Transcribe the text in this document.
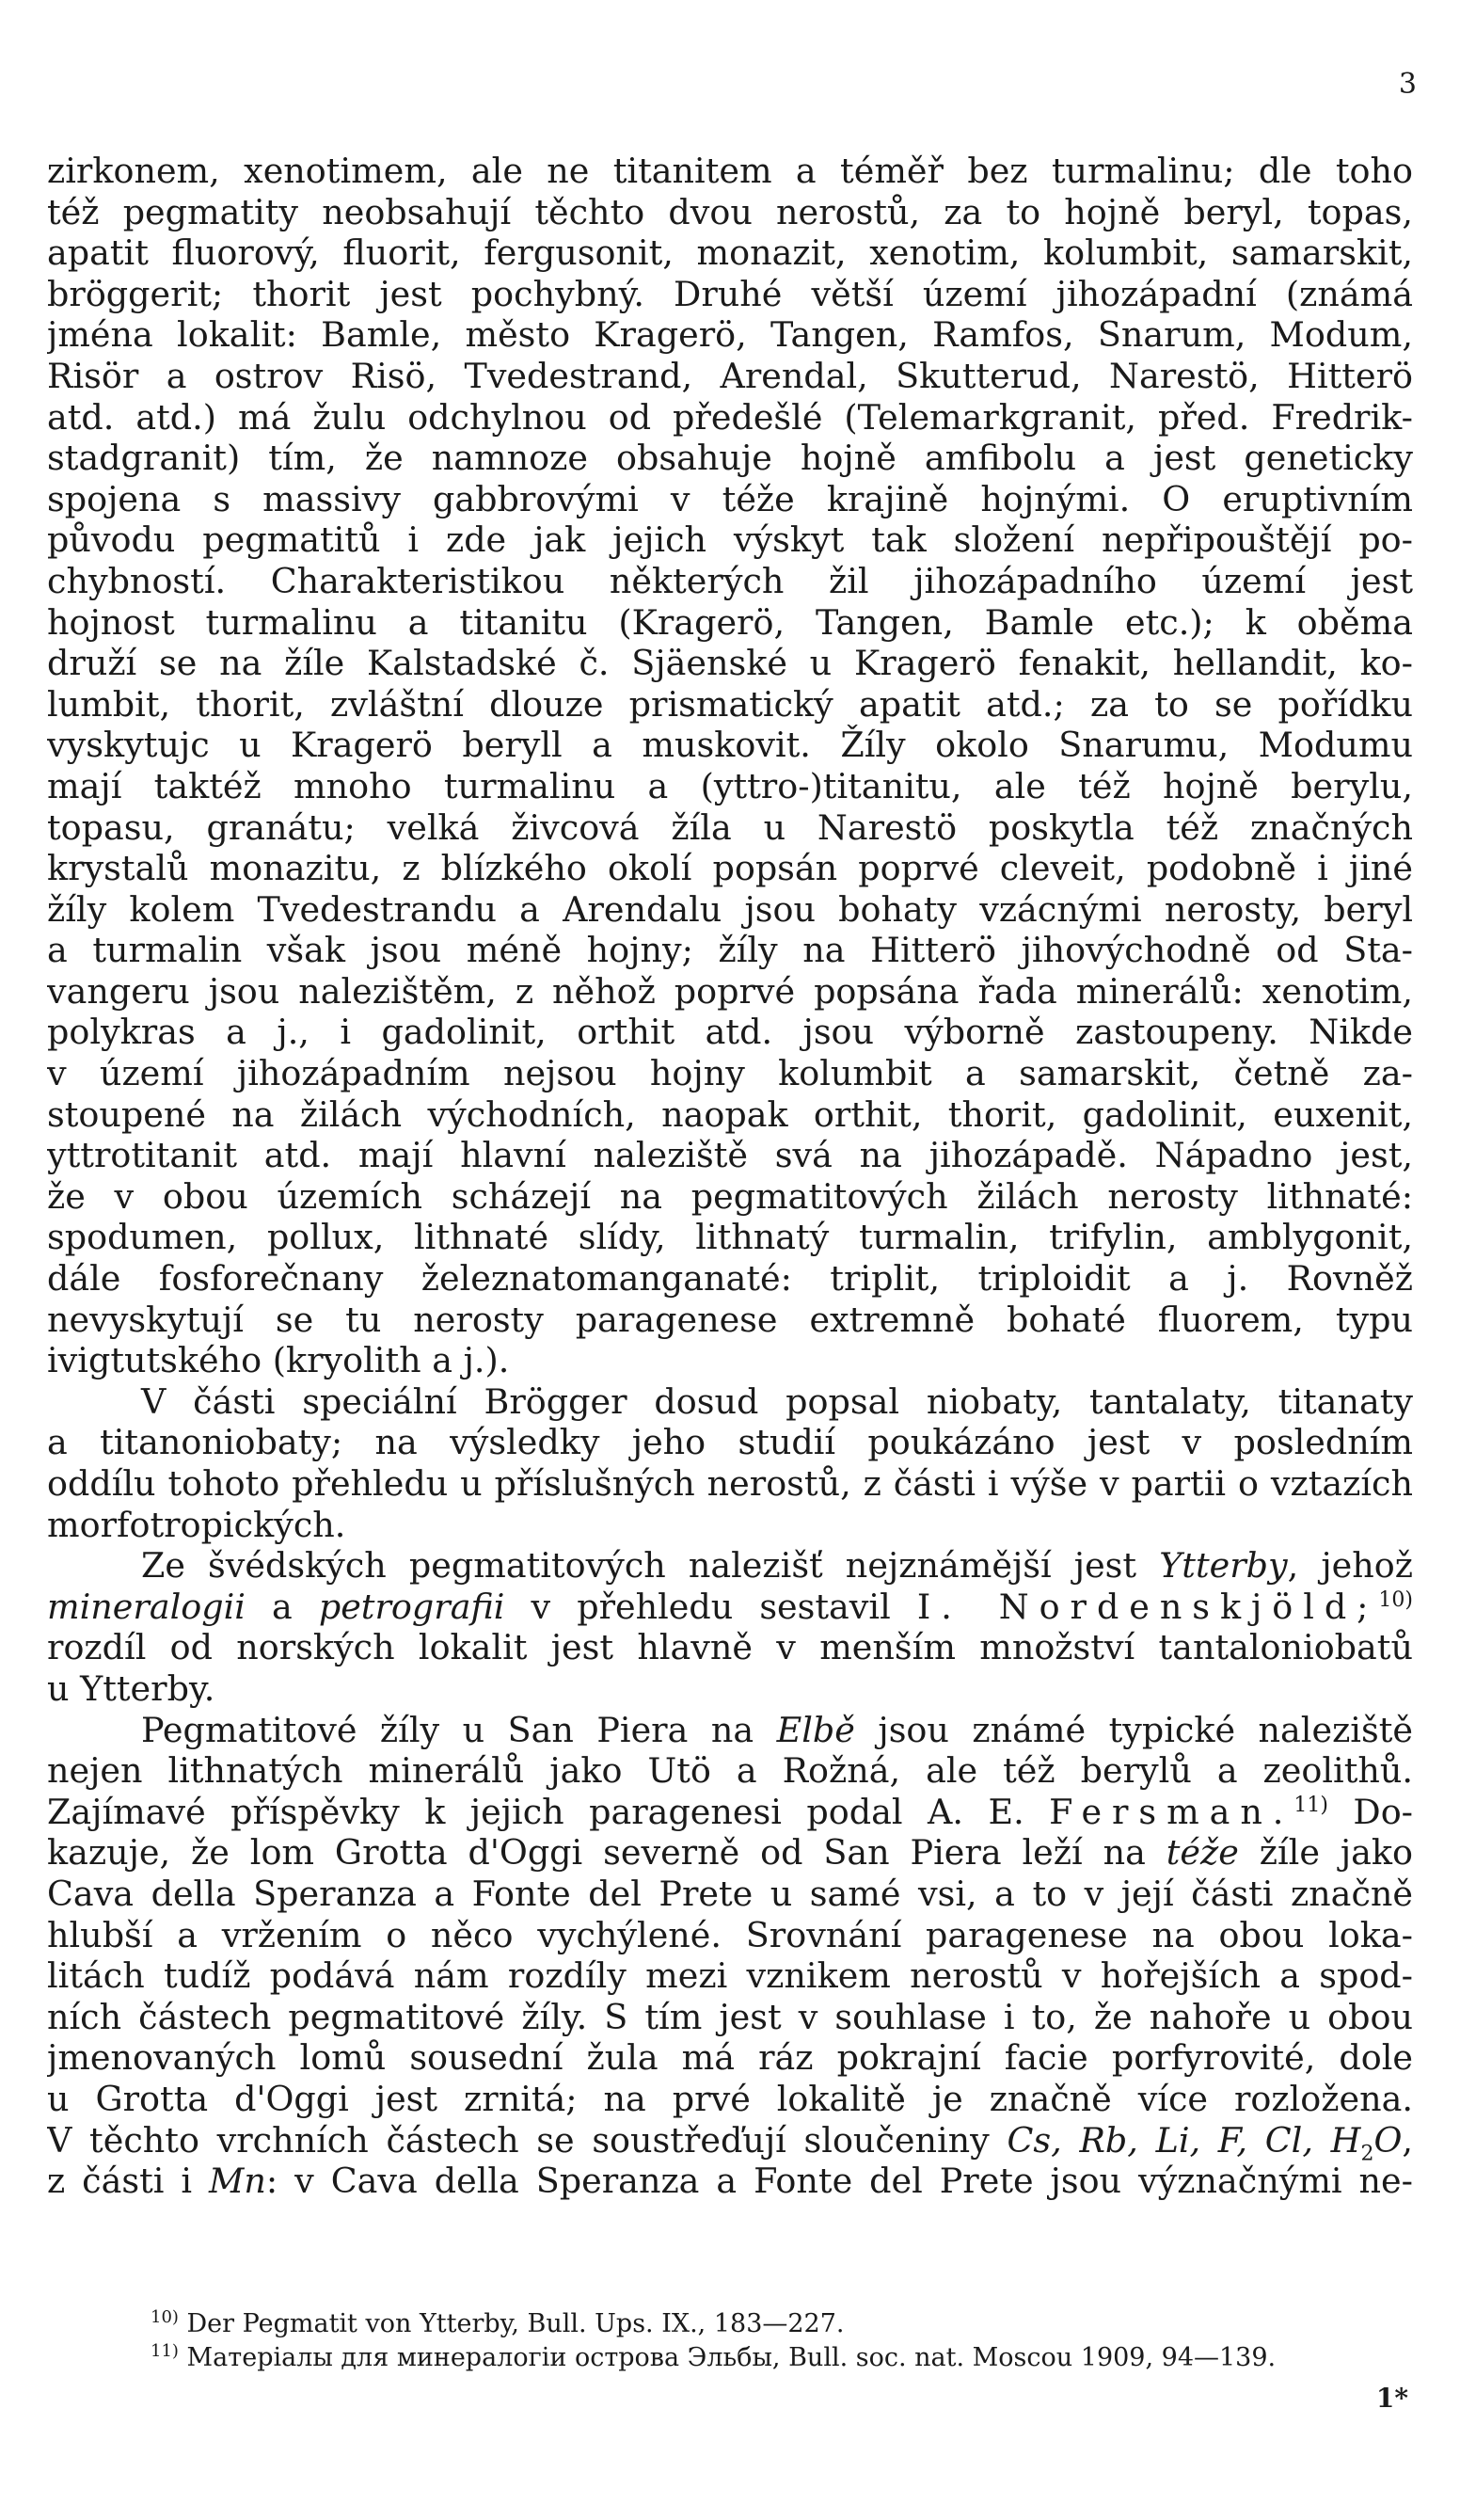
3
zirkonem, xenotimem, ale ne titanitem a téměř bez turmalinu; dle toho
též pegmatity neobsahují těchto dvou nerostů, za to hojně beryl, topas,
apatit fluorový, fluorit, fergusonit, monazit, xenotim, kolumbit, samarskit,
bröggerit; thorit jest pochybný. Druhé větší území jihozápadní (známá
jména lokalit: Bamle, město Kragerö, Tangen, Ramfos, Snarum, Modum,
Risör a ostrov Risö, Tvedestrand, Arendal, Skutterud, Narestö, Hitterö
atd. atd.) má žulu odchylnou od předešlé (Telemarkgranit, před. Fredrik-
stadgranit) tím, že namnoze obsahuje hojně amfibolu a jest geneticky
spojena s massivy gabbrovými v téže krajině hojnými. O eruptivním
původu pegmatitů i zde jak jejich výskyt tak složení nepřipouštějí po-
chybností. Charakteristikou některých žil jihozápadního území jest
hojnost turmalinu a titanitu (Kragerö, Tangen, Bamle etc.); k oběma
druží se na žíle Kalstadské č. Sjäenské u Kragerö fenakit, hellandit, ko-
lumbit, thorit, zvláštní dlouze prismatický apatit atd.; za to se pořídku
vyskytujc u Kragerö beryll a muskovit. Žíly okolo Snarumu, Modumu
mají taktéž mnoho turmalinu a (yttro-)titanitu, ale též hojně berylu,
topasu, granátu; velká živcová žíla u Narestö poskytla též značných
krystalů monazitu, z blízkého okolí popsán poprvé cleveit, podobně i jiné
žíly kolem Tvedestrandu a Arendalu jsou bohaty vzácnými nerosty, beryl
a turmalin však jsou méně hojny; žíly na Hitterö jihovýchodně od Sta-
vangeru jsou nalezištěm, z něhož poprvé popsána řada minerálů: xenotim,
polykras a j., i gadolinit, orthit atd. jsou výborně zastoupeny. Nikde
v území jihozápadním nejsou hojny kolumbit a samarskit, četně za-
stoupené na žilách východních, naopak orthit, thorit, gadolinit, euxenit,
yttrotitanit atd. mají hlavní naleziště svá na jihozápadě. Nápadno jest,
že v obou územích scházejí na pegmatitových žilách nerosty lithnaté:
spodumen, pollux, lithnaté slídy, lithnatý turmalin, trifylin, amblygonit,
dále fosforečnany železnatomanganaté: triplit, triploidit a j. Rovněž
nevyskytují se tu nerosty paragenese extremně bohaté fluorem, typu
ivigtutského (kryolith a j.).
V části speciální Brögger dosud popsal niobaty, tantalaty, titanaty
a titanoniobaty; na výsledky jeho studií poukázáno jest v posledním
oddílu tohoto přehledu u příslušných nerostů, z části i výše v partii o vztazích
morfotropických.
Ze švédských pegmatitových nalezišť nejznámější jest Ytterby, jehož
mineralogii a petrografii v přehledu sestavil I. Nordenskjöld;$^{10)}$
rozdíl od norských lokalit jest hlavně v menším množství tantaloniobatů
u Ytterby.
Pegmatitové žíly u San Piera na Elbě jsou známé typické naleziště
nejen lithnatých minerálů jako Utö a Rožná, ale též berylů a zeolithů.
Zajímavé příspěvky k jejich paragenesi podal A. E. Fersman.$^{11)}$ Do-
kazuje, že lom Grotta d'Oggi severně od San Piera leží na téže žíle jako
Cava della Speranza a Fonte del Prete u samé vsi, a to v její části značně
hlubší a vržením o něco vychýlené. Srovnání paragenese na obou loka-
litách tudíž podává nám rozdíly mezi vznikem nerostů v hořejších a spod-
ních částech pegmatitové žíly. S tím jest v souhlase i to, že nahoře u obou
jmenovaných lomů sousední žula má ráz pokrajní facie porfyrovité, dole
u Grotta d'Oggi jest zrnitá; na prvé lokalitě je značně více rozložena.
V těchto vrchních částech se soustřeďují sloučeniny Cs, Rb, Li, F, Cl, $H_2O$,
z části i Mn: v Cava della Speranza a Fonte del Prete jsou význačnými ne-
$^{10)}$ Der Pegmatit von Ytterby, Bull. Ups. IX., 183—227.
$^{11)}$ Матеріалы для минералогіи острова Эльбы, Bull. soc. nat. Moscou 1909, 94—139.
1*
